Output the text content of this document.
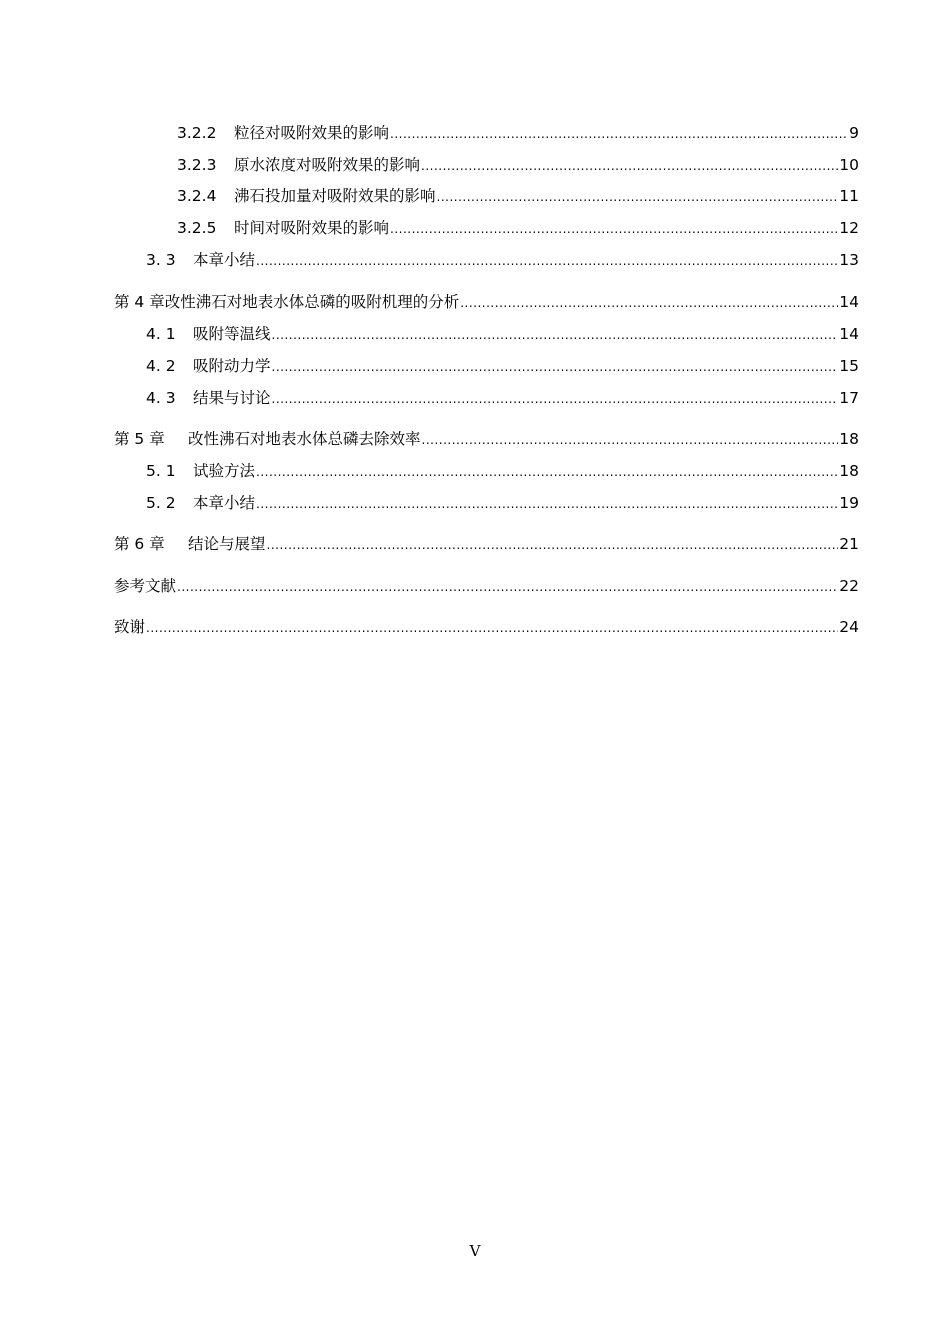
3.2.2	粒径对吸附效果的影响 .....	9
3.2.3	原水浓度对吸附效果的影响 .....	10
3.2.4	沸石投加量对吸附效果的影响 .....	11
3.2.5	时间对吸附效果的影响 .....	12
3. 3	本章小结 .....	13
第 4 章 改性沸石对地表水体总磷的吸附机理的分析 .....	14
4. 1	吸附等温线 .....	14
4. 2	吸附动力学 .....	15
4. 3	结果与讨论 .....	17
第 5 章	改性沸石对地表水体总磷去除效率 .....	18
5. 1	试验方法 .....	18
5. 2	本章小结 .....	19
第 6 章	结论与展望 .....	21
参考文献 .....	22
致谢 .....	24
V
